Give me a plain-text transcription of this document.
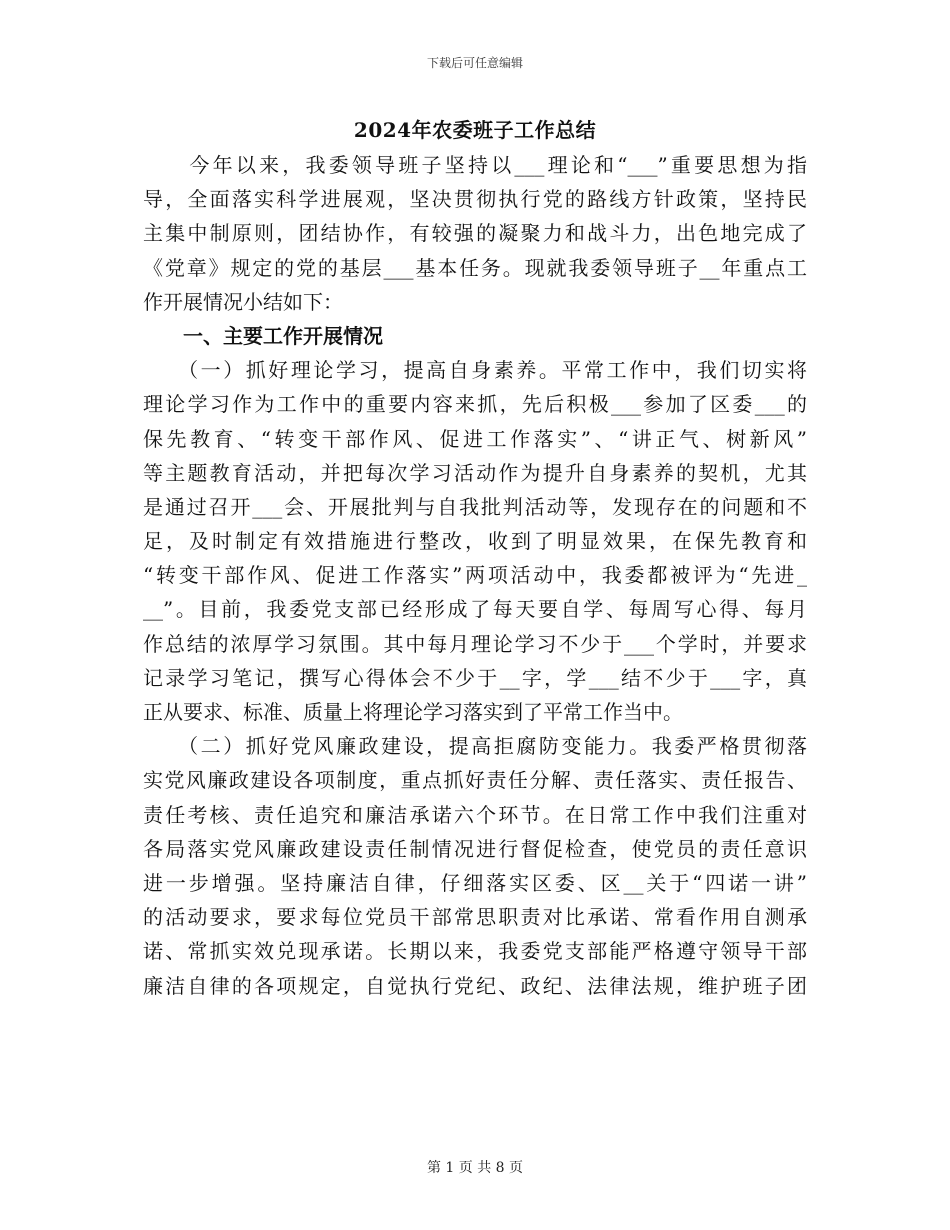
下载后可任意编辑
2024年农委班子工作总结
　　今年以来，我委领导班子坚持以___理论和“___”重要思想为指
导，全面落实科学进展观，坚决贯彻执行党的路线方针政策，坚持民
主集中制原则，团结协作，有较强的凝聚力和战斗力，出色地完成了
《党章》规定的党的基层___基本任务。现就我委领导班子__年重点工
作开展情况小结如下：
　　一、主要工作开展情况
　　（一）抓好理论学习，提高自身素养。平常工作中，我们切实将
理论学习作为工作中的重要内容来抓，先后积极___参加了区委___的
保先教育、“转变干部作风、促进工作落实”、“讲正气、树新风”
等主题教育活动，并把每次学习活动作为提升自身素养的契机，尤其
是通过召开___会、开展批判与自我批判活动等，发现存在的问题和不
足，及时制定有效措施进行整改，收到了明显效果，在保先教育和
“转变干部作风、促进工作落实”两项活动中，我委都被评为“先进_
__”。目前，我委党支部已经形成了每天要自学、每周写心得、每月
作总结的浓厚学习氛围。其中每月理论学习不少于___个学时，并要求
记录学习笔记，撰写心得体会不少于__字，学___结不少于___字，真
正从要求、标准、质量上将理论学习落实到了平常工作当中。
　　（二）抓好党风廉政建设，提高拒腐防变能力。我委严格贯彻落
实党风廉政建设各项制度，重点抓好责任分解、责任落实、责任报告、
责任考核、责任追究和廉洁承诺六个环节。在日常工作中我们注重对
各局落实党风廉政建设责任制情况进行督促检查，使党员的责任意识
进一步增强。坚持廉洁自律，仔细落实区委、区__关于“四诺一讲”
的活动要求，要求每位党员干部常思职责对比承诺、常看作用自测承
诺、常抓实效兑现承诺。长期以来，我委党支部能严格遵守领导干部
廉洁自律的各项规定，自觉执行党纪、政纪、法律法规，维护班子团
第 1 页 共 8 页
